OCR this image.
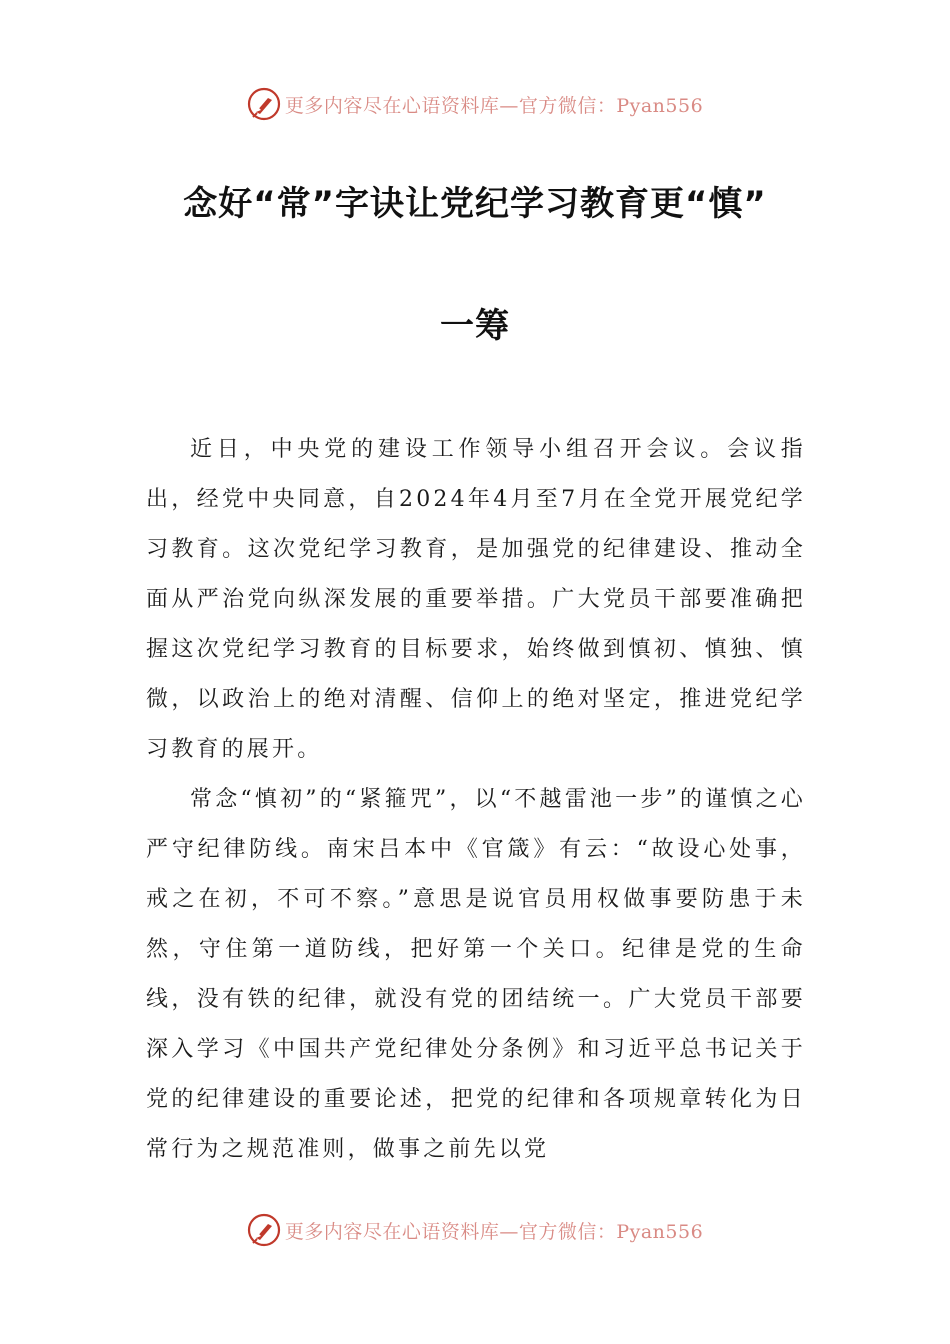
更多内容尽在心语资料库—官方微信：Pyan556
念好“常”字诀让党纪学习教育更“慎”
一筹

近日，中央党的建设工作领导小组召开会议。会议指出，经党中央同意，自2024年4月至7月在全党开展党纪学习教育。这次党纪学习教育，是加强党的纪律建设、推动全面从严治党向纵深发展的重要举措。广大党员干部要准确把握这次党纪学习教育的目标要求，始终做到慎初、慎独、慎微，以政治上的绝对清醒、信仰上的绝对坚定，推进党纪学习教育的展开。

常念“慎初”的“紧箍咒”，以“不越雷池一步”的谨慎之心严守纪律防线。南宋吕本中《官箴》有云：“故设心处事，戒之在初，不可不察。”意思是说官员用权做事要防患于未然，守住第一道防线，把好第一个关口。纪律是党的生命线，没有铁的纪律，就没有党的团结统一。广大党员干部要深入学习《中国共产党纪律处分条例》和习近平总书记关于党的纪律建设的重要论述，把党的纪律和各项规章转化为日常行为之规范准则，做事之前先以党

更多内容尽在心语资料库—官方微信：Pyan556
